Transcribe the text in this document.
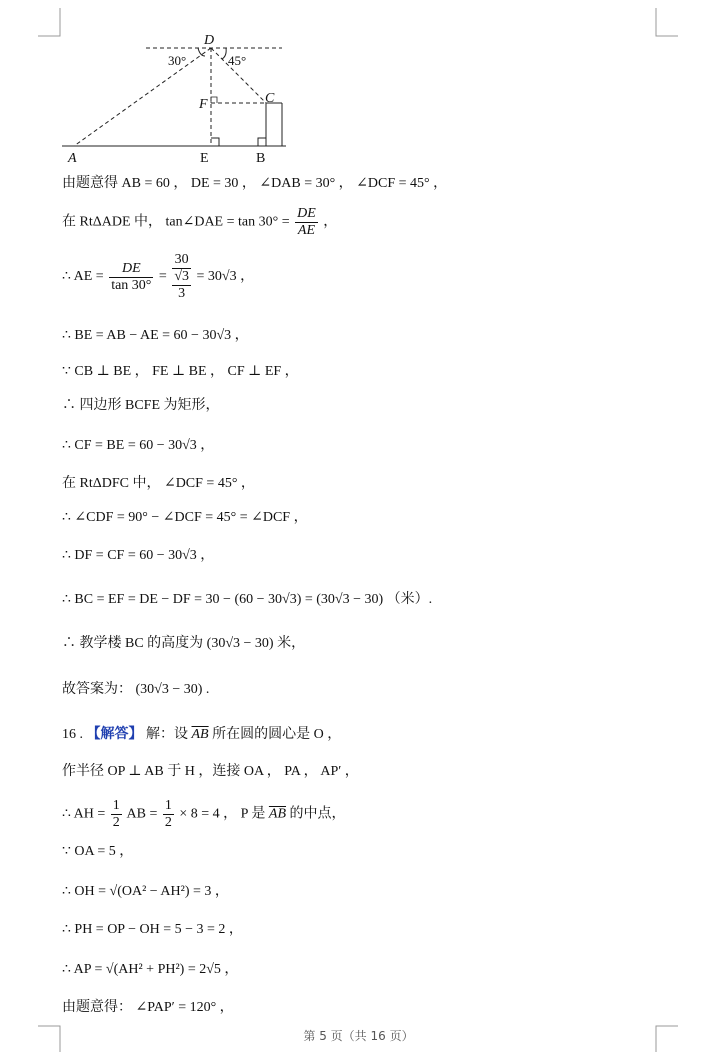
D
F	C
A	E	B
30°	45°
由题意得 AB = 60 ， DE = 30 ， ∠DAB = 30° ， ∠DCF = 45° ，
在 RtΔADE 中， tan∠DAE = $\tan 30^\circ = \frac{DE}{AE}$ ，
∴ AE = $\frac{DE}{\tan 30^\circ} = \frac{30}{\frac{√3}{3}} = 30√3$ ，
∴ BE = AB − AE = 60 − 30√3 ，
∵ CB ⊥ BE ， FE ⊥ BE ， CF ⊥ EF ，
∴ 四边形 BCFE 为矩形，
∴ CF = BE = 60 − 30√3 ，
在 RtΔDFC 中， ∠DCF = 45° ，
∴ ∠CDF = 90° − ∠DCF = 45° = ∠DCF ，
∴ DF = CF = 60 − 30√3 ，
∴ BC = EF = DE − DF = 30 − (60 − 30√3) = (30√3 − 30) （米）.
∴ 教学楼 BC 的高度为 (30√3 − 30) 米，
故答案为： (30√3 − 30) .
16 . 【解答】 解：设 $\overline{AB}$ 所在圆的圆心是 O ，
作半径 OP ⊥ AB 于 H ，连接 OA ， PA ， AP′ ，
∴ AH = $\frac{1}{2}$ AB = $\frac{1}{2} \times 8 = 4$ ， P 是 $\overline{AB}$ 的中点，
∵ OA = 5 ，
∴ OH = √(OA² − AH²) = 3 ，
∴ PH = OP − OH = 5 − 3 = 2 ，
∴ AP = √(AH² + PH²) = 2√5 ，
由题意得： ∠PAP′ = 120° ，
第 5 页（共 16 页）
